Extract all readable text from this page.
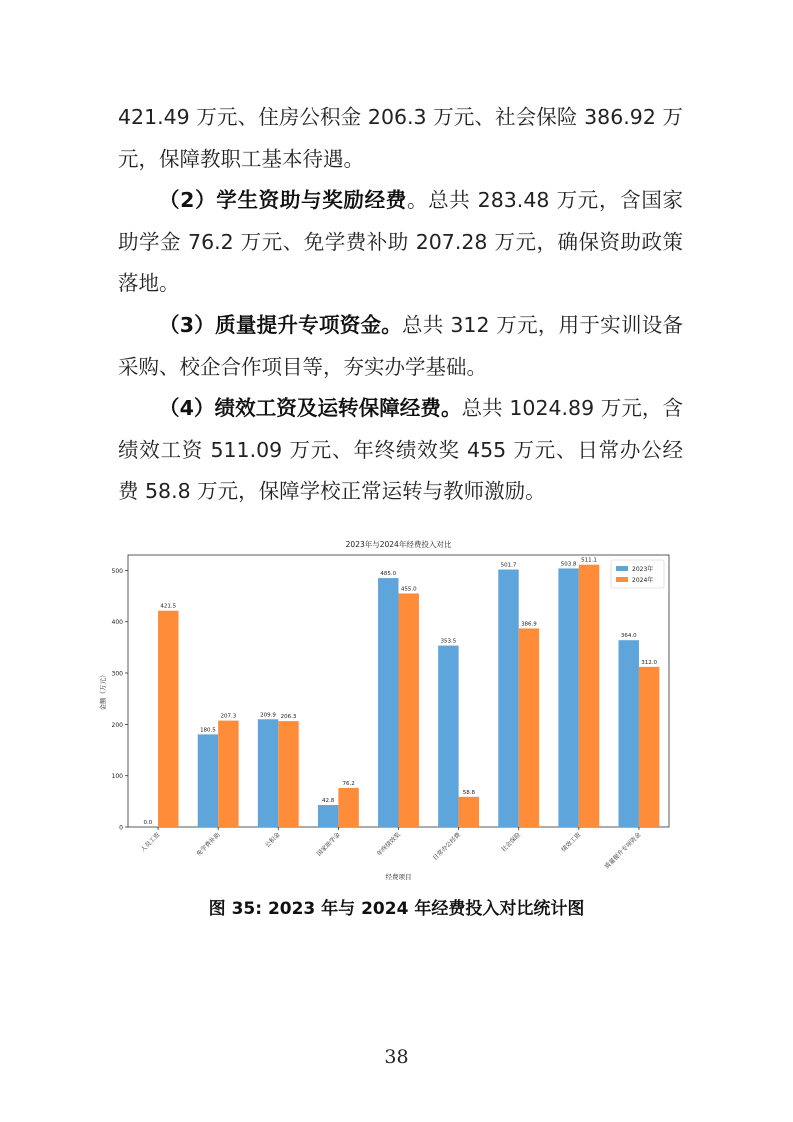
421.49 万元、住房公积金 206.3 万元、社会保险 386.92 万元，保障教职工基本待遇。

（2）学生资助与奖励经费。总共 283.48 万元，含国家助学金 76.2 万元、免学费补助 207.28 万元，确保资助政策落地。

（3）质量提升专项资金。总共 312 万元，用于实训设备采购、校企合作项目等，夯实办学基础。

（4）绩效工资及运转保障经费。总共 1024.89 万元，含绩效工资 511.09 万元、年终绩效奖 455 万元、日常办公经费 58.8 万元，保障学校正常运转与教师激励。

2023年与2024年经费投入对比
0
100
200
300
400
500
金额（万元）
0.0
421.5
人员工资
180.5
207.3
免学费补助
209.9 206.3
公积金
42.8
76.2
国家助学金
485.0
455.0
年终绩效奖
353.5
58.8
日常办公经费
501.7
386.9
社会保险
503.8
511.1
绩效工资
364.0
312.0
质量提升专项资金
经费项目
2023年
2024年
图 35: 2023 年与 2024 年经费投入对比统计图
38
